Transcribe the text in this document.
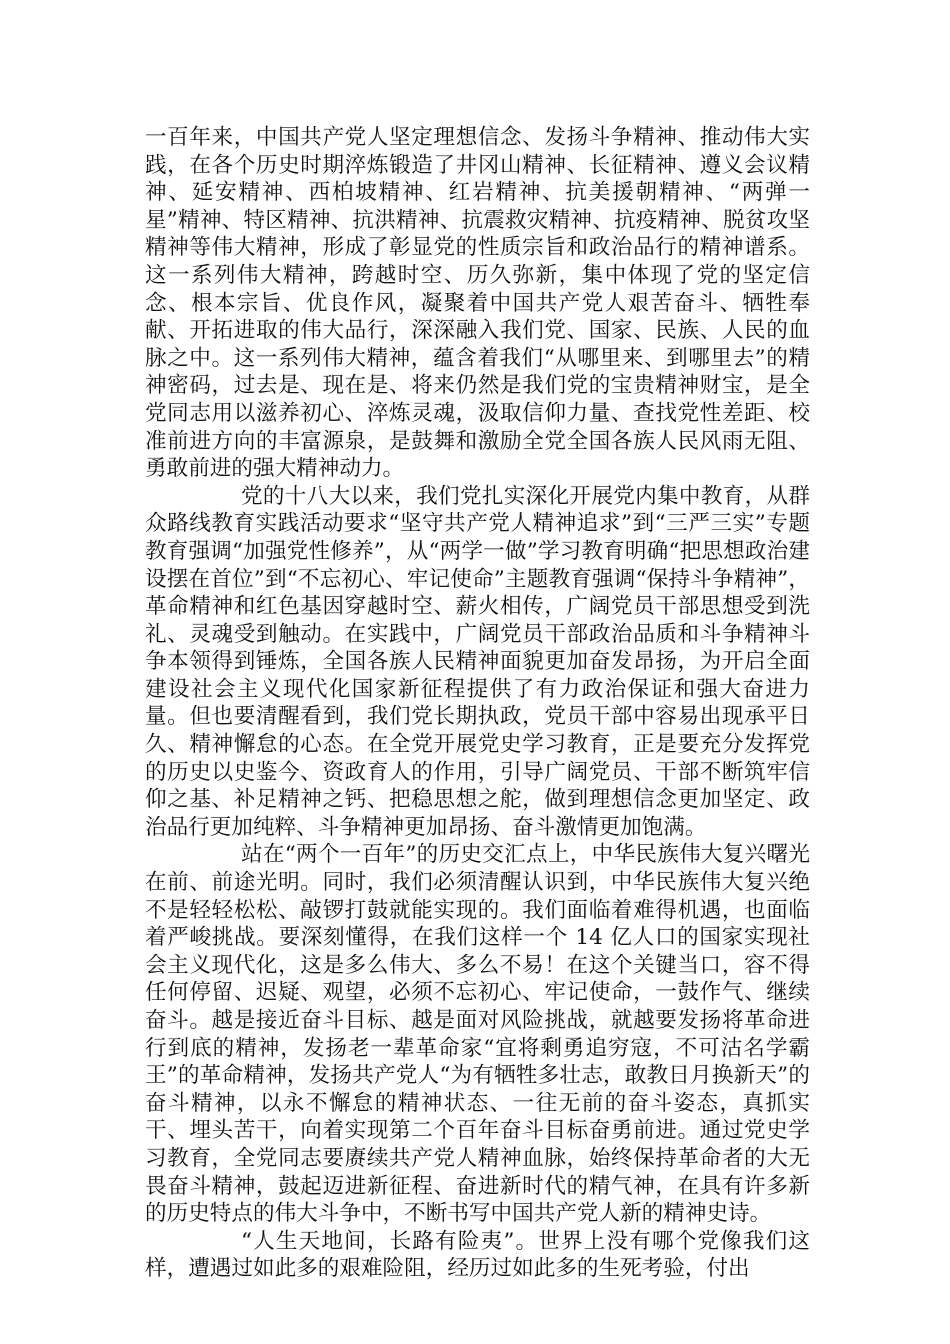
一百年来，中国共产党人坚定理想信念、发扬斗争精神、推动伟大实践，在各个历史时期淬炼锻造了井冈山精神、长征精神、遵义会议精神、延安精神、西柏坡精神、红岩精神、抗美援朝精神、“两弹一星”精神、特区精神、抗洪精神、抗震救灾精神、抗疫精神、脱贫攻坚精神等伟大精神，形成了彰显党的性质宗旨和政治品行的精神谱系。这一系列伟大精神，跨越时空、历久弥新，集中体现了党的坚定信念、根本宗旨、优良作风，凝聚着中国共产党人艰苦奋斗、牺牲奉献、开拓进取的伟大品行，深深融入我们党、国家、民族、人民的血脉之中。这一系列伟大精神，蕴含着我们“从哪里来、到哪里去”的精神密码，过去是、现在是、将来仍然是我们党的宝贵精神财宝，是全党同志用以滋养初心、淬炼灵魂，汲取信仰力量、查找党性差距、校准前进方向的丰富源泉，是鼓舞和激励全党全国各族人民风雨无阻、勇敢前进的强大精神动力。

党的十八大以来，我们党扎实深化开展党内集中教育，从群众路线教育实践活动要求“坚守共产党人精神追求”到“三严三实”专题教育强调“加强党性修养”，从“两学一做”学习教育明确“把思想政治建设摆在首位”到“不忘初心、牢记使命”主题教育强调“保持斗争精神”，革命精神和红色基因穿越时空、薪火相传，广阔党员干部思想受到洗礼、灵魂受到触动。在实践中，广阔党员干部政治品质和斗争精神斗争本领得到锤炼，全国各族人民精神面貌更加奋发昂扬，为开启全面建设社会主义现代化国家新征程提供了有力政治保证和强大奋进力量。但也要清醒看到，我们党长期执政，党员干部中容易出现承平日久、精神懈怠的心态。在全党开展党史学习教育，正是要充分发挥党的历史以史鉴今、资政育人的作用，引导广阔党员、干部不断筑牢信仰之基、补足精神之钙、把稳思想之舵，做到理想信念更加坚定、政治品行更加纯粹、斗争精神更加昂扬、奋斗激情更加饱满。

站在“两个一百年”的历史交汇点上，中华民族伟大复兴曙光在前、前途光明。同时，我们必须清醒认识到，中华民族伟大复兴绝不是轻轻松松、敲锣打鼓就能实现的。我们面临着难得机遇，也面临着严峻挑战。要深刻懂得，在我们这样一个 14 亿人口的国家实现社会主义现代化，这是多么伟大、多么不易！在这个关键当口，容不得任何停留、迟疑、观望，必须不忘初心、牢记使命，一鼓作气、继续奋斗。越是接近奋斗目标、越是面对风险挑战，就越要发扬将革命进行到底的精神，发扬老一辈革命家“宜将剩勇追穷寇，不可沽名学霸王”的革命精神，发扬共产党人“为有牺牲多壮志，敢教日月换新天”的奋斗精神，以永不懈怠的精神状态、一往无前的奋斗姿态，真抓实干、埋头苦干，向着实现第二个百年奋斗目标奋勇前进。通过党史学习教育，全党同志要赓续共产党人精神血脉，始终保持革命者的大无畏奋斗精神，鼓起迈进新征程、奋进新时代的精气神，在具有许多新的历史特点的伟大斗争中，不断书写中国共产党人新的精神史诗。

“人生天地间，长路有险夷”。世界上没有哪个党像我们这样，遭遇过如此多的艰难险阻，经历过如此多的生死考验，付出
